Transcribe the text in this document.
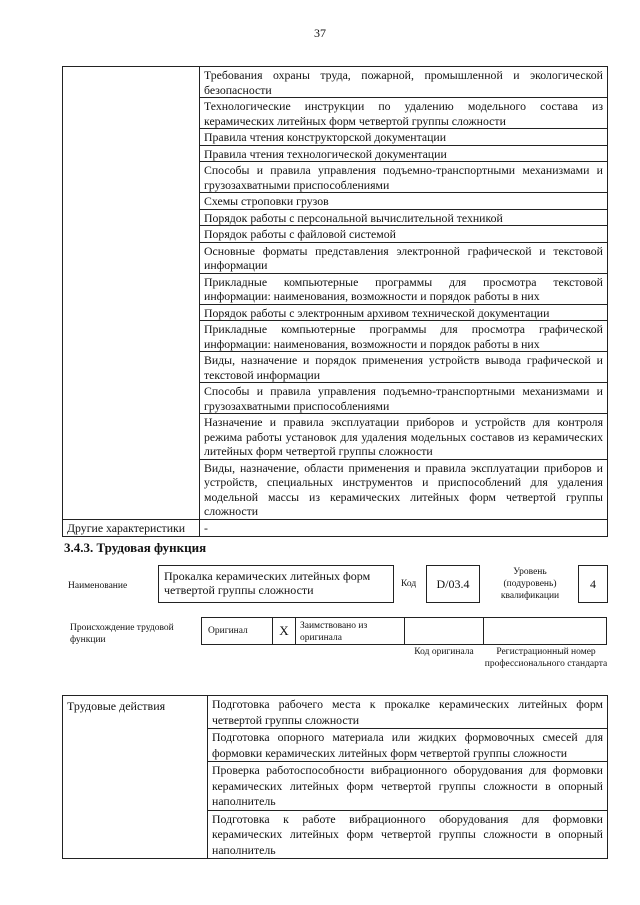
37
	Требования охраны труда, пожарной, промышленной и экологической безопасности
	Технологические инструкции по удалению модельного состава из керамических литейных форм четвертой группы сложности
	Правила чтения конструкторской документации
	Правила чтения технологической документации
	Способы и правила управления подъемно-транспортными механизмами и грузозахватными приспособлениями
	Схемы строповки грузов
	Порядок работы с персональной вычислительной техникой
	Порядок работы с файловой системой
	Основные форматы представления электронной графической и текстовой информации
	Прикладные компьютерные программы для просмотра текстовой информации: наименования, возможности и порядок работы в них
	Порядок работы с электронным архивом технической документации
	Прикладные компьютерные программы для просмотра графической информации: наименования, возможности и порядок работы в них
	Виды, назначение и порядок применения устройств вывода графической и текстовой информации
	Способы и правила управления подъемно-транспортными механизмами и грузозахватными приспособлениями
	Назначение и правила эксплуатации приборов и устройств для контроля режима работы установок для удаления модельных составов из керамических литейных форм четвертой группы сложности
	Виды, назначение, области применения и правила эксплуатации приборов и устройств, специальных инструментов и приспособлений для удаления модельной массы из керамических литейных форм четвертой группы сложности
Другие характеристики	-
3.4.3. Трудовая функция
Наименование
Прокалка керамических литейных форм четвертой группы сложности	Код	D/03.4
Уровень (подуровень) квалификации
4
Происхождение трудовой функции
Оригинал	X	Заимствовано из оригинала
Код оригинала	Регистрационный номер профессионального стандарта
Трудовые действия	Подготовка рабочего места к прокалке керамических литейных форм четвертой группы сложности
Подготовка опорного материала или жидких формовочных смесей для формовки керамических литейных форм четвертой группы сложности
Проверка работоспособности вибрационного оборудования для формовки керамических литейных форм четвертой группы сложности в опорный наполнитель
Подготовка к работе вибрационного оборудования для формовки керамических литейных форм четвертой группы сложности в опорный наполнитель
